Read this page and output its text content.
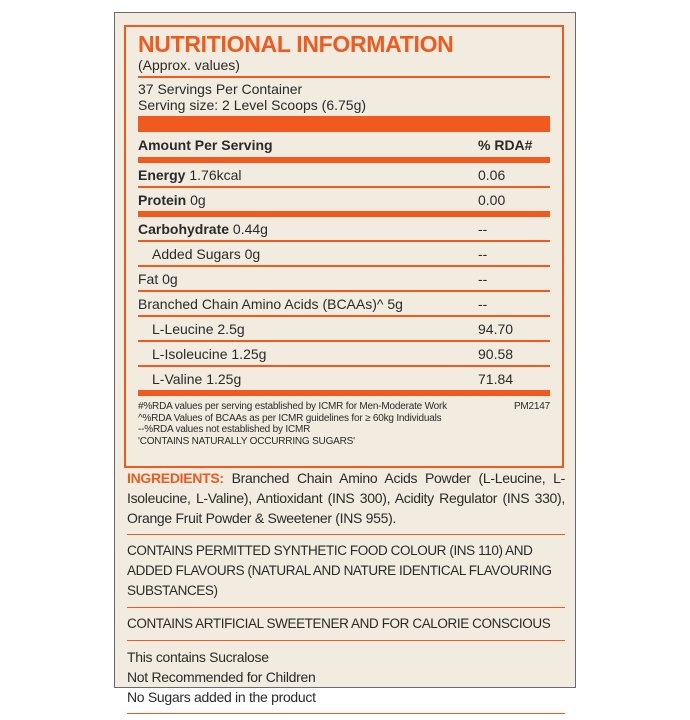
NUTRITIONAL INFORMATION
(Approx. values)
37 Servings Per Container
Serving size: 2 Level Scoops (6.75g)
Amount Per Serving	% RDA#
Energy 1.76kcal	0.06
Protein 0g	0.00
Carbohydrate 0.44g	--
Added Sugars 0g	--
Fat 0g	--
Branched Chain Amino Acids (BCAAs)^ 5g	--
L-Leucine 2.5g	94.70
L-Isoleucine 1.25g	90.58
L-Valine 1.25g	71.84
#%RDA values per serving established by ICMR for Men-Moderate Work
^%RDA Values of BCAAs as per ICMR guidelines for ≥ 60kg Individuals
--%RDA values not established by ICMR
'CONTAINS NATURALLY OCCURRING SUGARS'
PM2147
INGREDIENTS: Branched Chain Amino Acids Powder (L-Leucine, L-Isoleucine, L-Valine), Antioxidant (INS 300), Acidity Regulator (INS 330), Orange Fruit Powder & Sweetener (INS 955).
CONTAINS PERMITTED SYNTHETIC FOOD COLOUR (INS 110) AND ADDED FLAVOURS (NATURAL AND NATURE IDENTICAL FLAVOURING SUBSTANCES)
CONTAINS ARTIFICIAL SWEETENER AND FOR CALORIE CONSCIOUS
This contains Sucralose
Not Recommended for Children
No Sugars added in the product
